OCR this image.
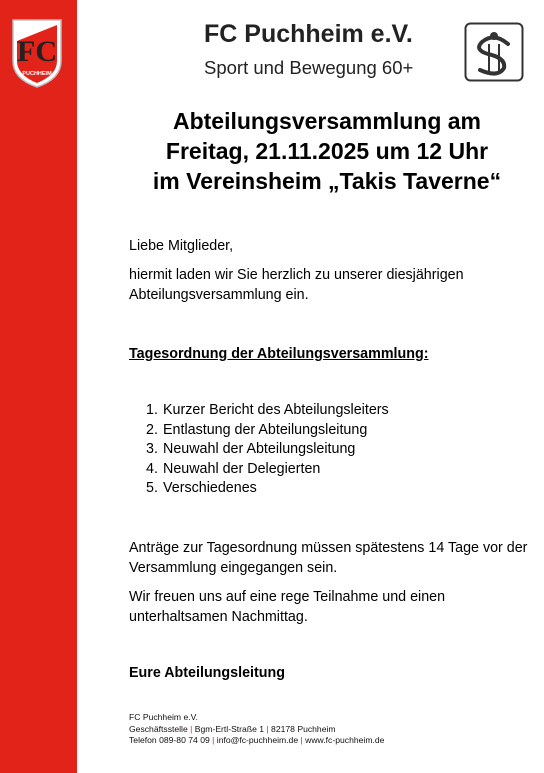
FC
PUCHHEIM
FC Puchheim e.V.
Sport und Bewegung 60+
Abteilungsversammlung am
Freitag, 21.11.2025 um 12 Uhr
im Vereinsheim „Takis Taverne“
Liebe Mitglieder,
hiermit laden wir Sie herzlich zu unserer diesjährigen Abteilungsversammlung ein.
Tagesordnung der Abteilungsversammlung:
1. Kurzer Bericht des Abteilungsleiters
2. Entlastung der Abteilungsleitung
3. Neuwahl der Abteilungsleitung
4. Neuwahl der Delegierten
5. Verschiedenes
Anträge zur Tagesordnung müssen spätestens 14 Tage vor der Versammlung eingegangen sein.
Wir freuen uns auf eine rege Teilnahme und einen unterhaltsamen Nachmittag.
Eure Abteilungsleitung
FC Puchheim e.V.
Geschäftsstelle | Bgm-Ertl-Straße 1 | 82178 Puchheim
Telefon 089-80 74 09 | info@fc-puchheim.de | www.fc-puchheim.de
